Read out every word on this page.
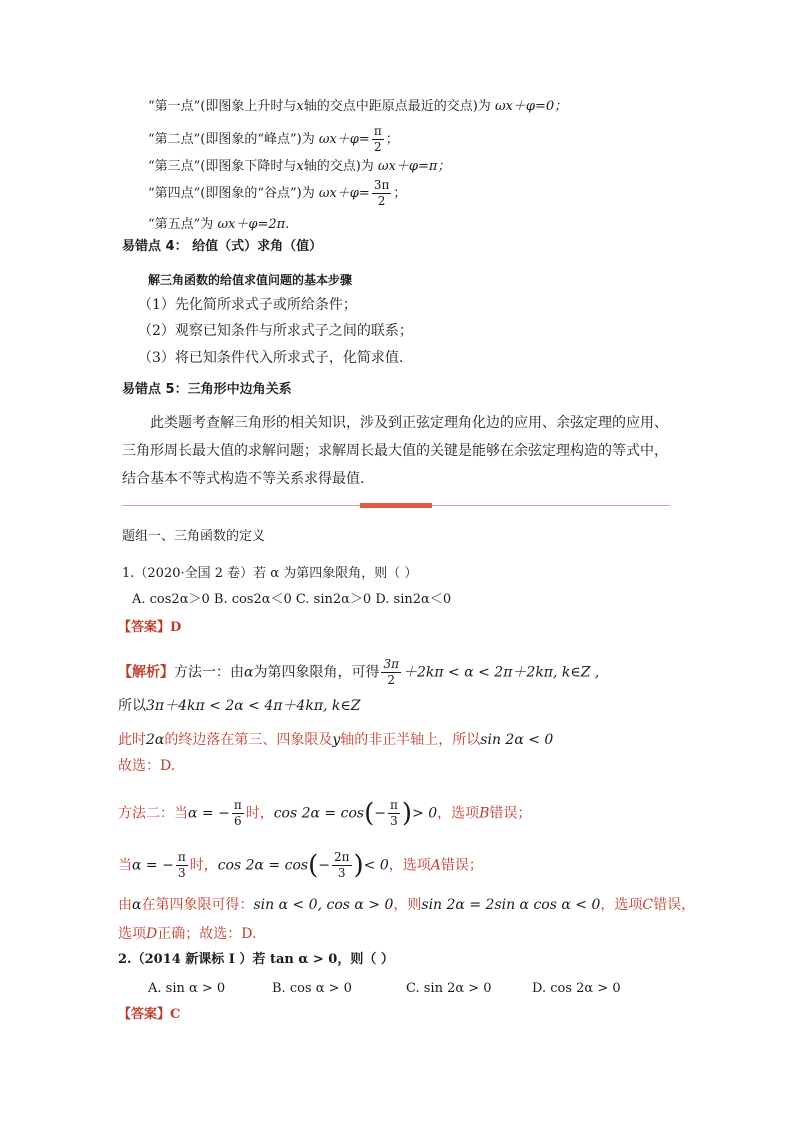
“第一点”(即图象上升时与x轴的交点中距原点最近的交点)为 ωx＋φ=0；
“第二点”(即图象的“峰点”)为 $\omega x+\varphi= \frac{\pi}{2}$ ；
“第三点”(即图象下降时与x轴的交点)为 ωx＋φ=π；
“第四点”(即图象的“谷点”)为 $\omega x+\varphi= \frac{3\pi}{2}$ ；
“第五点”为 ωx＋φ=2π.
易错点 4： 给值（式）求角（值）
解三角函数的给值求值问题的基本步骤
（1）先化简所求式子或所给条件；
（2）观察已知条件与所求式子之间的联系；
（3）将已知条件代入所求式子，化简求值.
易错点 5：三角形中边角关系
此类题考查解三角形的相关知识，涉及到正弦定理角化边的应用、余弦定理的应用、三角形周长最大值的求解问题；求解周长最大值的关键是能够在余弦定理构造的等式中，结合基本不等式构造不等关系求得最值.
题组一、三角函数的定义
1.（2020·全国 2 卷）若 α 为第四象限角，则（ ）
A. cos2α＞0 B. cos2α＜0 C. sin2α＞0 D. sin2α＜0
【答案】D
【解析】方法一：由α为第四象限角，可得 $\frac{3\pi}{2} +2k\pi < \alpha < 2\pi+2k\pi$, k∈Z ,
所以3π＋4kπ < 2α < 4π＋4kπ, k∈Z
此时2α的终边落在第三、四象限及y轴的非正半轴上，所以sin 2α < 0
故选：D.
方法二：当α = − $\frac{\pi}{6}$ 时，$\cos 2\alpha = \cos(- \frac{\pi}{3}$ )> 0，选项B错误；
当α = − $\frac{\pi}{3}$ 时，$\cos 2\alpha = \cos(- \frac{2\pi}{3}$ )< 0，选项A错误；
由α在第四象限可得：sin α < 0, cos α > 0，则sin 2α = 2sin α cos α < 0，选项C错误，
选项D正确；故选：D.
2.（2014 新课标 I ）若 tan α > 0，则（ ）
A. sin α > 0	B. cos α > 0	C. sin 2α > 0	D. cos 2α > 0
【答案】C
